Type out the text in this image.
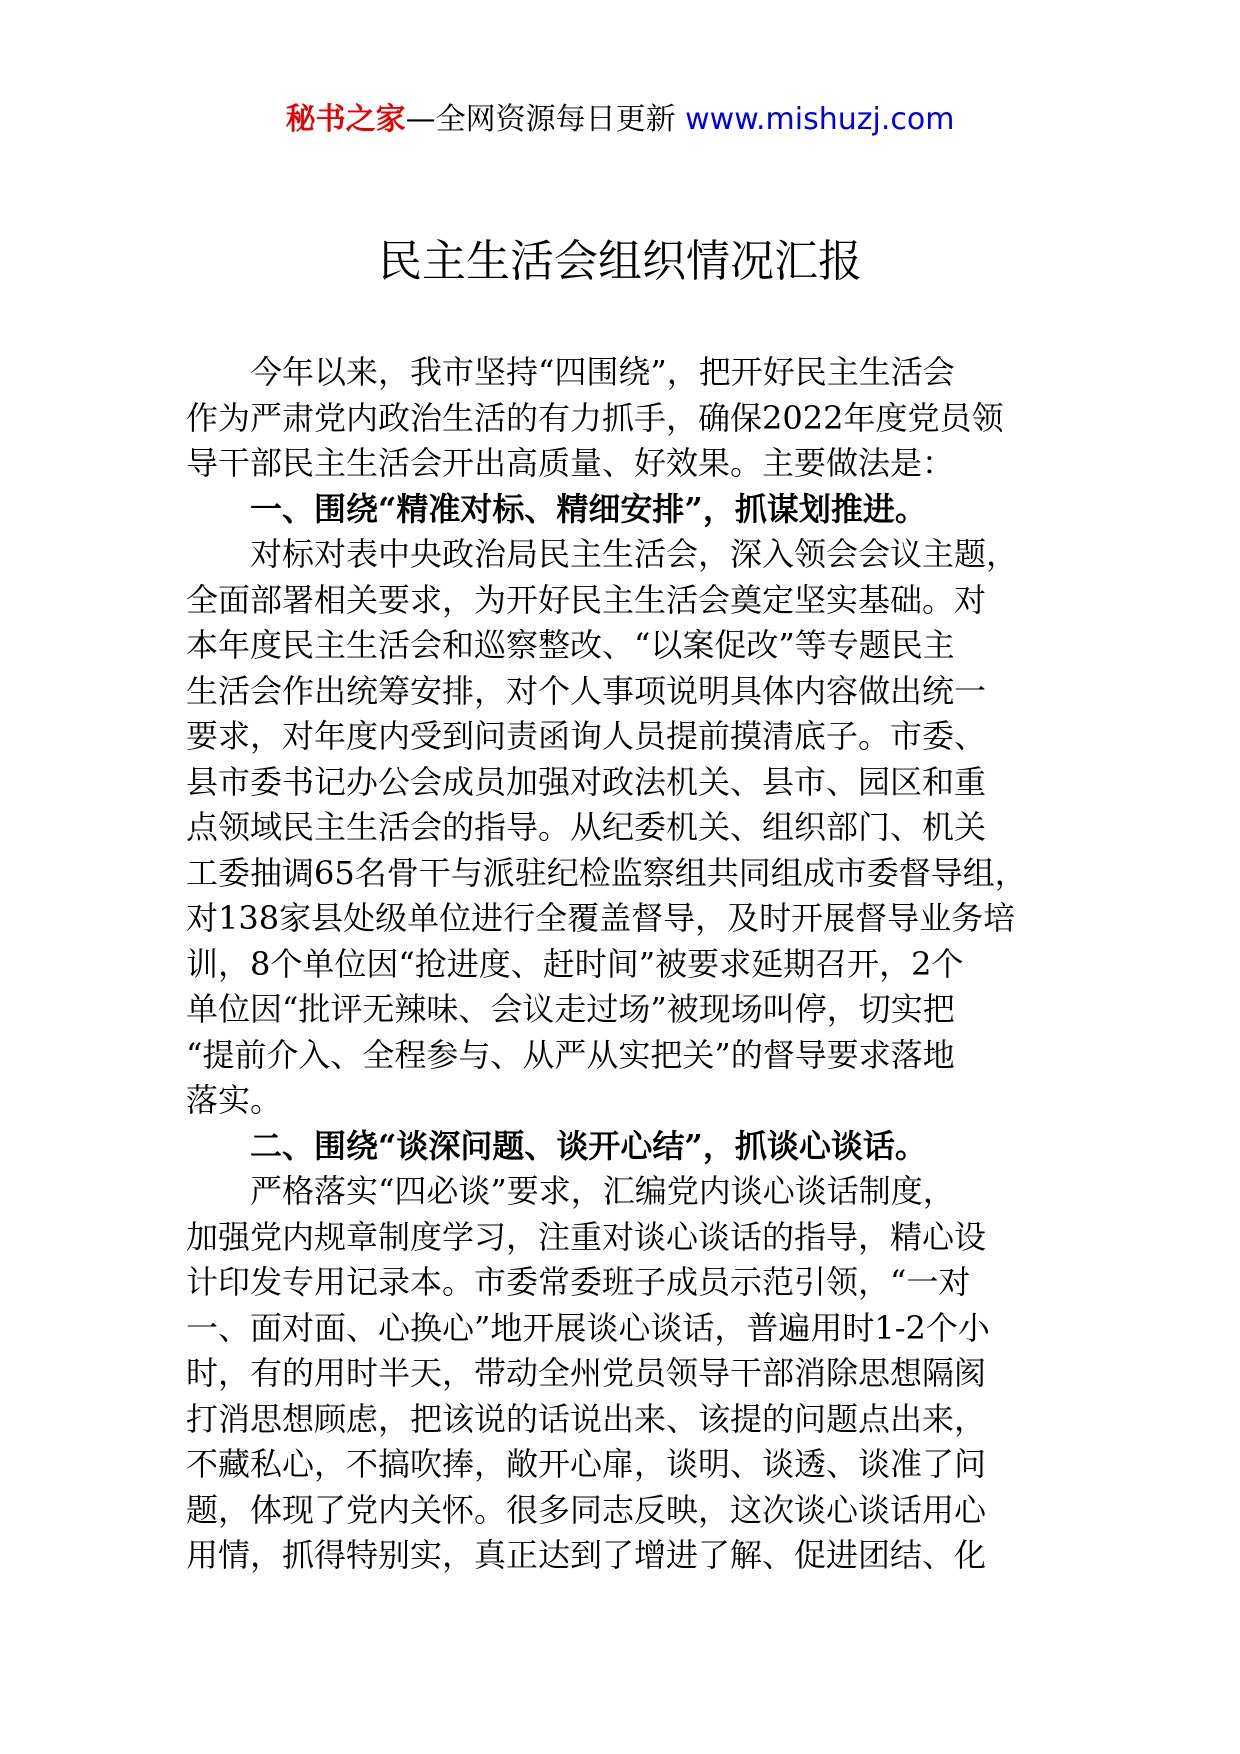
秘书之家—全网资源每日更新 www.mishuzj.com
民主生活会组织情况汇报
今年以来，我市坚持“四围绕”，把开好民主生活会
作为严肃党内政治生活的有力抓手，确保2022年度党员领
导干部民主生活会开出高质量、好效果。主要做法是：
一、围绕“精准对标、精细安排”，抓谋划推进。
对标对表中央政治局民主生活会，深入领会会议主题，
全面部署相关要求，为开好民主生活会奠定坚实基础。对
本年度民主生活会和巡察整改、“以案促改”等专题民主
生活会作出统筹安排，对个人事项说明具体内容做出统一
要求，对年度内受到问责函询人员提前摸清底子。市委、
县市委书记办公会成员加强对政法机关、县市、园区和重
点领域民主生活会的指导。从纪委机关、组织部门、机关
工委抽调65名骨干与派驻纪检监察组共同组成市委督导组，
对138家县处级单位进行全覆盖督导，及时开展督导业务培
训，8个单位因“抢进度、赶时间”被要求延期召开，2个
单位因“批评无辣味、会议走过场”被现场叫停，切实把
“提前介入、全程参与、从严从实把关”的督导要求落地
落实。
二、围绕“谈深问题、谈开心结”，抓谈心谈话。
严格落实“四必谈”要求，汇编党内谈心谈话制度，
加强党内规章制度学习，注重对谈心谈话的指导，精心设
计印发专用记录本。市委常委班子成员示范引领，“一对
一、面对面、心换心”地开展谈心谈话，普遍用时1-2个小
时，有的用时半天，带动全州党员领导干部消除思想隔阂
打消思想顾虑，把该说的话说出来、该提的问题点出来，
不藏私心，不搞吹捧，敞开心扉，谈明、谈透、谈准了问
题，体现了党内关怀。很多同志反映，这次谈心谈话用心
用情，抓得特别实，真正达到了增进了解、促进团结、化
